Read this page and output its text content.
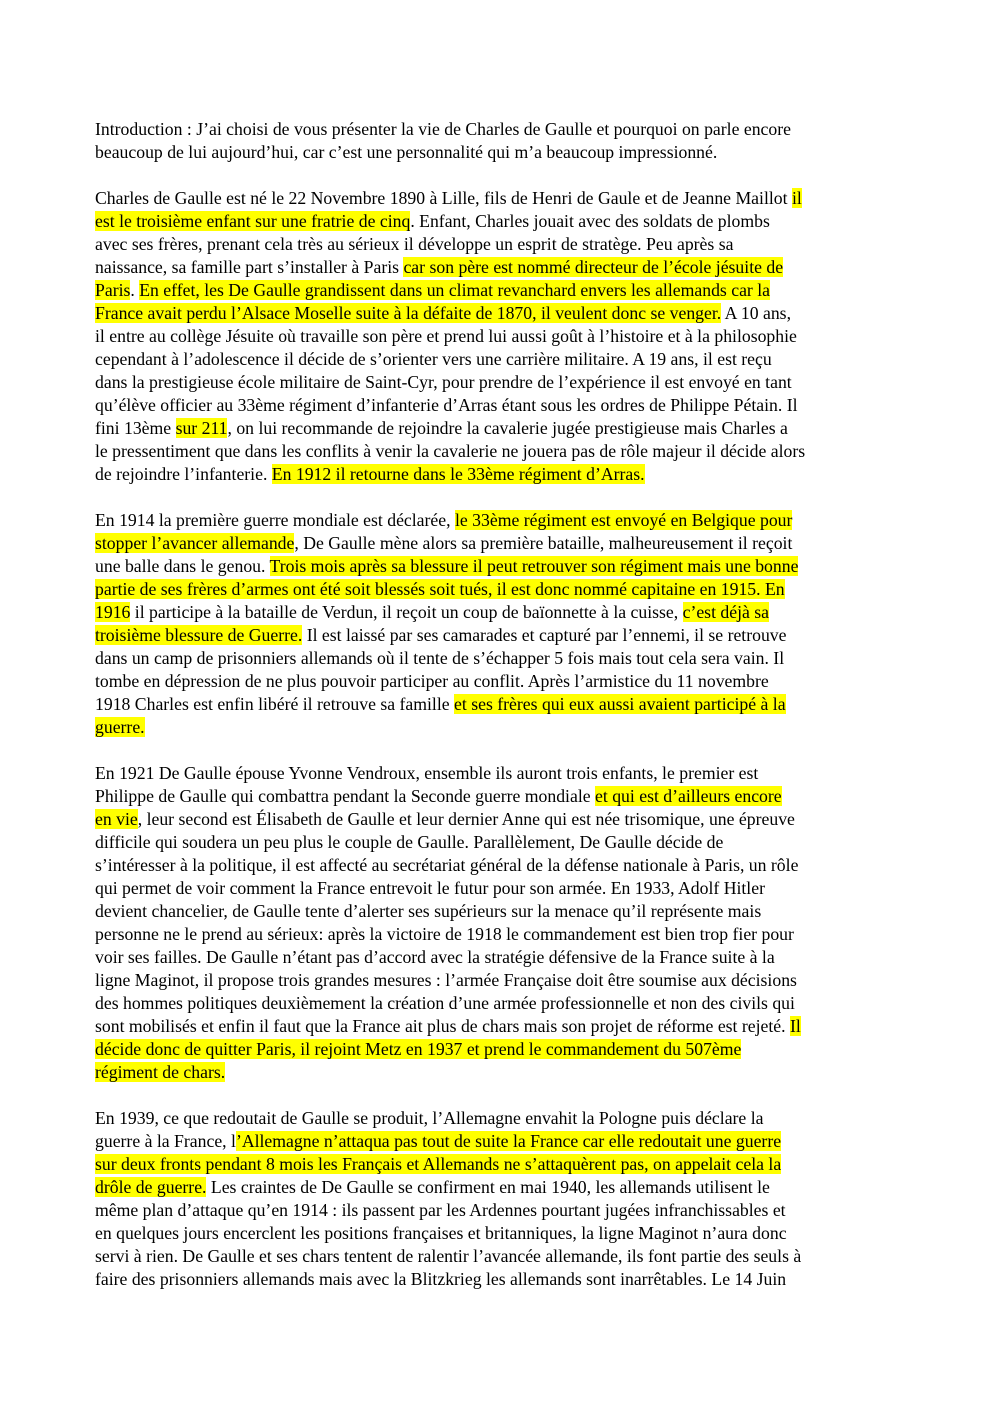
Introduction : J’ai choisi de vous présenter la vie de Charles de Gaulle et pourquoi on parle encore
beaucoup de lui aujourd’hui, car c’est une personnalité qui m’a beaucoup impressionné.
Charles de Gaulle est né le 22 Novembre 1890 à Lille, fils de Henri de Gaule et de Jeanne Maillot il
est le troisième enfant sur une fratrie de cinq. Enfant, Charles jouait avec des soldats de plombs
avec ses frères, prenant cela très au sérieux il développe un esprit de stratège. Peu après sa
naissance, sa famille part s’installer à Paris car son père est nommé directeur de l’école jésuite de
Paris. En effet, les De Gaulle grandissent dans un climat revanchard envers les allemands car la
France avait perdu l’Alsace Moselle suite à la défaite de 1870, il veulent donc se venger. A 10 ans,
il entre au collège Jésuite où travaille son père et prend lui aussi goût à l’histoire et à la philosophie
cependant à l’adolescence il décide de s’orienter vers une carrière militaire. A 19 ans, il est reçu
dans la prestigieuse école militaire de Saint-Cyr, pour prendre de l’expérience il est envoyé en tant
qu’élève officier au 33ème régiment d’infanterie d’Arras étant sous les ordres de Philippe Pétain. Il
fini 13ème sur 211, on lui recommande de rejoindre la cavalerie jugée prestigieuse mais Charles a
le pressentiment que dans les conflits à venir la cavalerie ne jouera pas de rôle majeur il décide alors
de rejoindre l’infanterie. En 1912 il retourne dans le 33ème régiment d’Arras.
En 1914 la première guerre mondiale est déclarée, le 33ème régiment est envoyé en Belgique pour
stopper l’avancer allemande, De Gaulle mène alors sa première bataille, malheureusement il reçoit
une balle dans le genou. Trois mois après sa blessure il peut retrouver son régiment mais une bonne
partie de ses frères d’armes ont été soit blessés soit tués, il est donc nommé capitaine en 1915. En
1916 il participe à la bataille de Verdun, il reçoit un coup de baïonnette à la cuisse, c’est déjà sa
troisième blessure de Guerre. Il est laissé par ses camarades et capturé par l’ennemi, il se retrouve
dans un camp de prisonniers allemands où il tente de s’échapper 5 fois mais tout cela sera vain. Il
tombe en dépression de ne plus pouvoir participer au conflit. Après l’armistice du 11 novembre
1918 Charles est enfin libéré il retrouve sa famille et ses frères qui eux aussi avaient participé à la
guerre.
En 1921 De Gaulle épouse Yvonne Vendroux, ensemble ils auront trois enfants, le premier est
Philippe de Gaulle qui combattra pendant la Seconde guerre mondiale et qui est d’ailleurs encore
en vie, leur second est Élisabeth de Gaulle et leur dernier Anne qui est née trisomique, une épreuve
difficile qui soudera un peu plus le couple de Gaulle. Parallèlement, De Gaulle décide de
s’intéresser à la politique, il est affecté au secrétariat général de la défense nationale à Paris, un rôle
qui permet de voir comment la France entrevoit le futur pour son armée. En 1933, Adolf Hitler
devient chancelier, de Gaulle tente d’alerter ses supérieurs sur la menace qu’il représente mais
personne ne le prend au sérieux: après la victoire de 1918 le commandement est bien trop fier pour
voir ses failles. De Gaulle n’étant pas d’accord avec la stratégie défensive de la France suite à la
ligne Maginot, il propose trois grandes mesures : l’armée Française doit être soumise aux décisions
des hommes politiques deuxièmement la création d’une armée professionnelle et non des civils qui
sont mobilisés et enfin il faut que la France ait plus de chars mais son projet de réforme est rejeté. Il
décide donc de quitter Paris, il rejoint Metz en 1937 et prend le commandement du 507ème
régiment de chars.
En 1939, ce que redoutait de Gaulle se produit, l’Allemagne envahit la Pologne puis déclare la
guerre à la France, l’Allemagne n’attaqua pas tout de suite la France car elle redoutait une guerre
sur deux fronts pendant 8 mois les Français et Allemands ne s’attaquèrent pas, on appelait cela la
drôle de guerre. Les craintes de De Gaulle se confirment en mai 1940, les allemands utilisent le
même plan d’attaque qu’en 1914 : ils passent par les Ardennes pourtant jugées infranchissables et
en quelques jours encerclent les positions françaises et britanniques, la ligne Maginot n’aura donc
servi à rien. De Gaulle et ses chars tentent de ralentir l’avancée allemande, ils font partie des seuls à
faire des prisonniers allemands mais avec la Blitzkrieg les allemands sont inarrêtables. Le 14 Juin
